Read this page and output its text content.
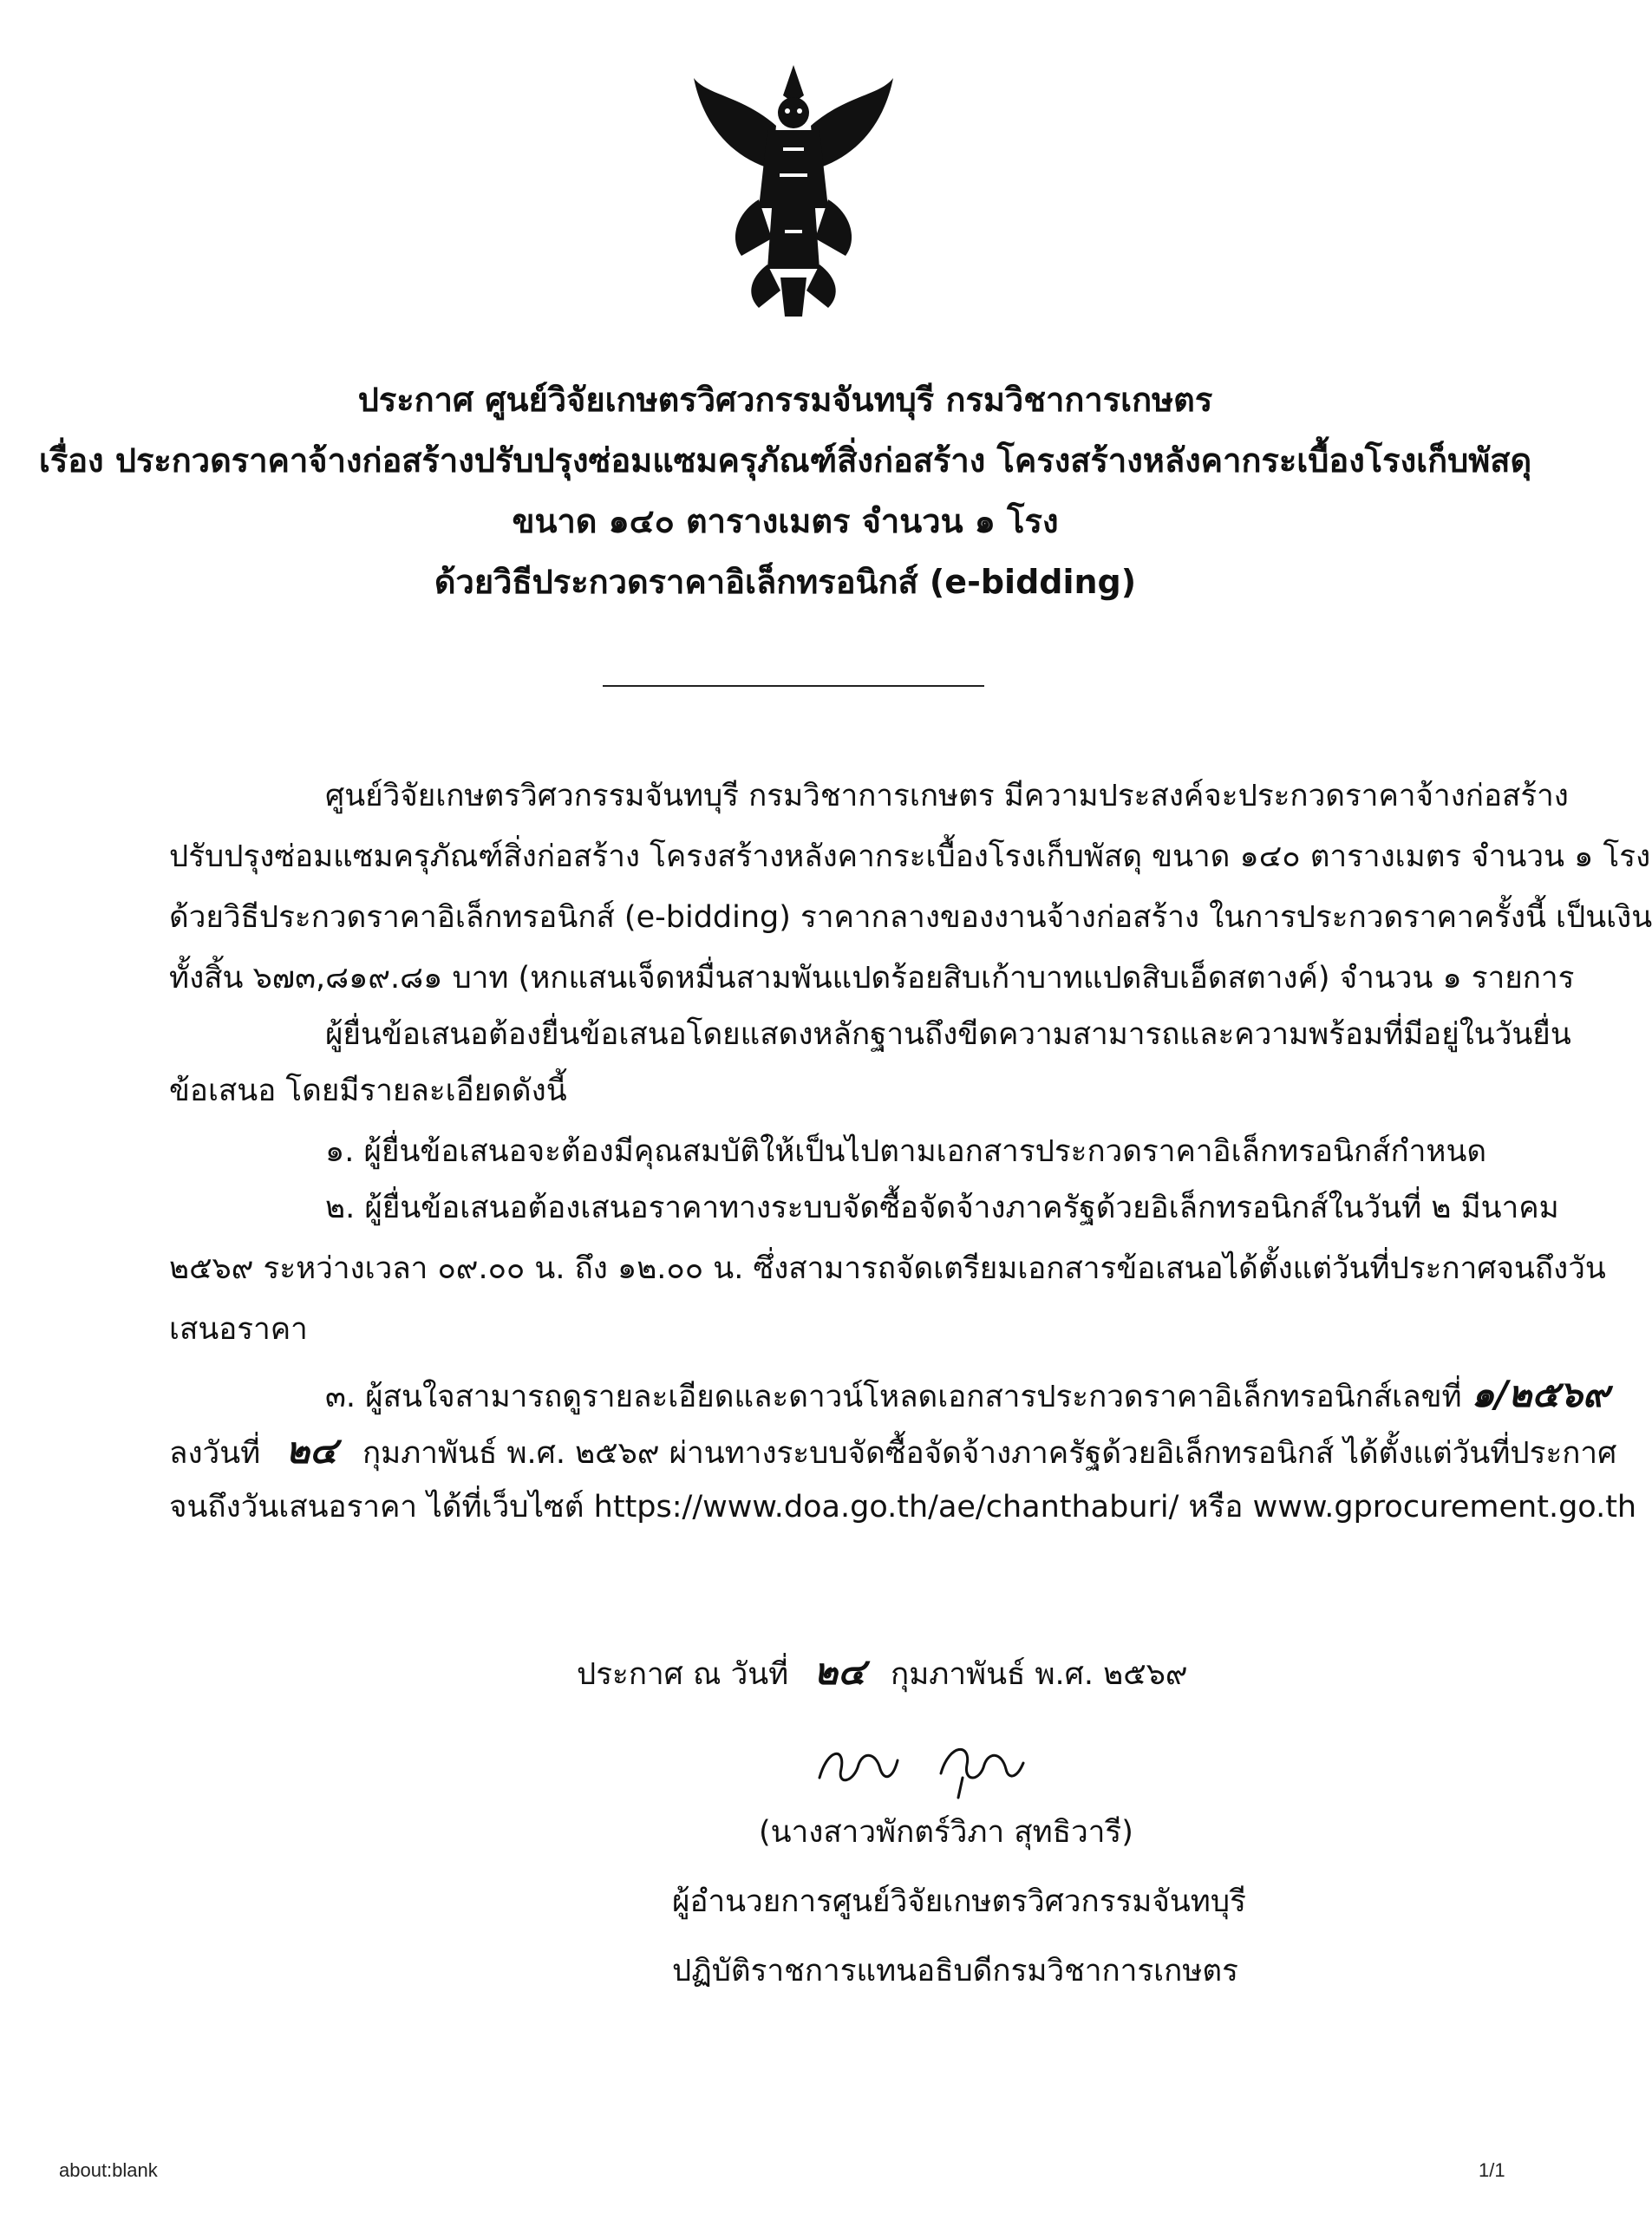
ประกาศ ศูนย์วิจัยเกษตรวิศวกรรมจันทบุรี กรมวิชาการเกษตร
เรื่อง ประกวดราคาจ้างก่อสร้างปรับปรุงซ่อมแซมครุภัณฑ์สิ่งก่อสร้าง โครงสร้างหลังคากระเบื้องโรงเก็บพัสดุ
ขนาด ๑๔๐ ตารางเมตร จำนวน ๑ โรง
ด้วยวิธีประกวดราคาอิเล็กทรอนิกส์ (e-bidding)
ศูนย์วิจัยเกษตรวิศวกรรมจันทบุรี กรมวิชาการเกษตร มีความประสงค์จะประกวดราคาจ้างก่อสร้าง
ปรับปรุงซ่อมแซมครุภัณฑ์สิ่งก่อสร้าง โครงสร้างหลังคากระเบื้องโรงเก็บพัสดุ ขนาด ๑๔๐ ตารางเมตร จำนวน ๑ โรง
ด้วยวิธีประกวดราคาอิเล็กทรอนิกส์ (e-bidding) ราคากลางของงานจ้างก่อสร้าง ในการประกวดราคาครั้งนี้ เป็นเงิน
ทั้งสิ้น ๖๗๓,๘๑๙.๘๑ บาท (หกแสนเจ็ดหมื่นสามพันแปดร้อยสิบเก้าบาทแปดสิบเอ็ดสตางค์) จำนวน ๑ รายการ
ผู้ยื่นข้อเสนอต้องยื่นข้อเสนอโดยแสดงหลักฐานถึงขีดความสามารถและความพร้อมที่มีอยู่ในวันยื่น
ข้อเสนอ โดยมีรายละเอียดดังนี้
๑. ผู้ยื่นข้อเสนอจะต้องมีคุณสมบัติให้เป็นไปตามเอกสารประกวดราคาอิเล็กทรอนิกส์กำหนด
๒. ผู้ยื่นข้อเสนอต้องเสนอราคาทางระบบจัดซื้อจัดจ้างภาครัฐด้วยอิเล็กทรอนิกส์ในวันที่ ๒ มีนาคม
๒๕๖๙ ระหว่างเวลา ๐๙.๐๐ น. ถึง ๑๒.๐๐ น. ซึ่งสามารถจัดเตรียมเอกสารข้อเสนอได้ตั้งแต่วันที่ประกาศจนถึงวัน
เสนอราคา
๓. ผู้สนใจสามารถดูรายละเอียดและดาวน์โหลดเอกสารประกวดราคาอิเล็กทรอนิกส์เลขที่ ๑/๒๕๖๙
ลงวันที่ ๒๔ กุมภาพันธ์ พ.ศ. ๒๕๖๙ ผ่านทางระบบจัดซื้อจัดจ้างภาครัฐด้วยอิเล็กทรอนิกส์ ได้ตั้งแต่วันที่ประกาศ
จนถึงวันเสนอราคา ได้ที่เว็บไซต์ https://www.doa.go.th/ae/chanthaburi/ หรือ www.gprocurement.go.th
ประกาศ ณ วันที่ ๒๔ กุมภาพันธ์ พ.ศ. ๒๕๖๙
(นางสาวพักตร์วิภา สุทธิวารี)
ผู้อำนวยการศูนย์วิจัยเกษตรวิศวกรรมจันทบุรี
ปฏิบัติราชการแทนอธิบดีกรมวิชาการเกษตร
about:blank	1/1
